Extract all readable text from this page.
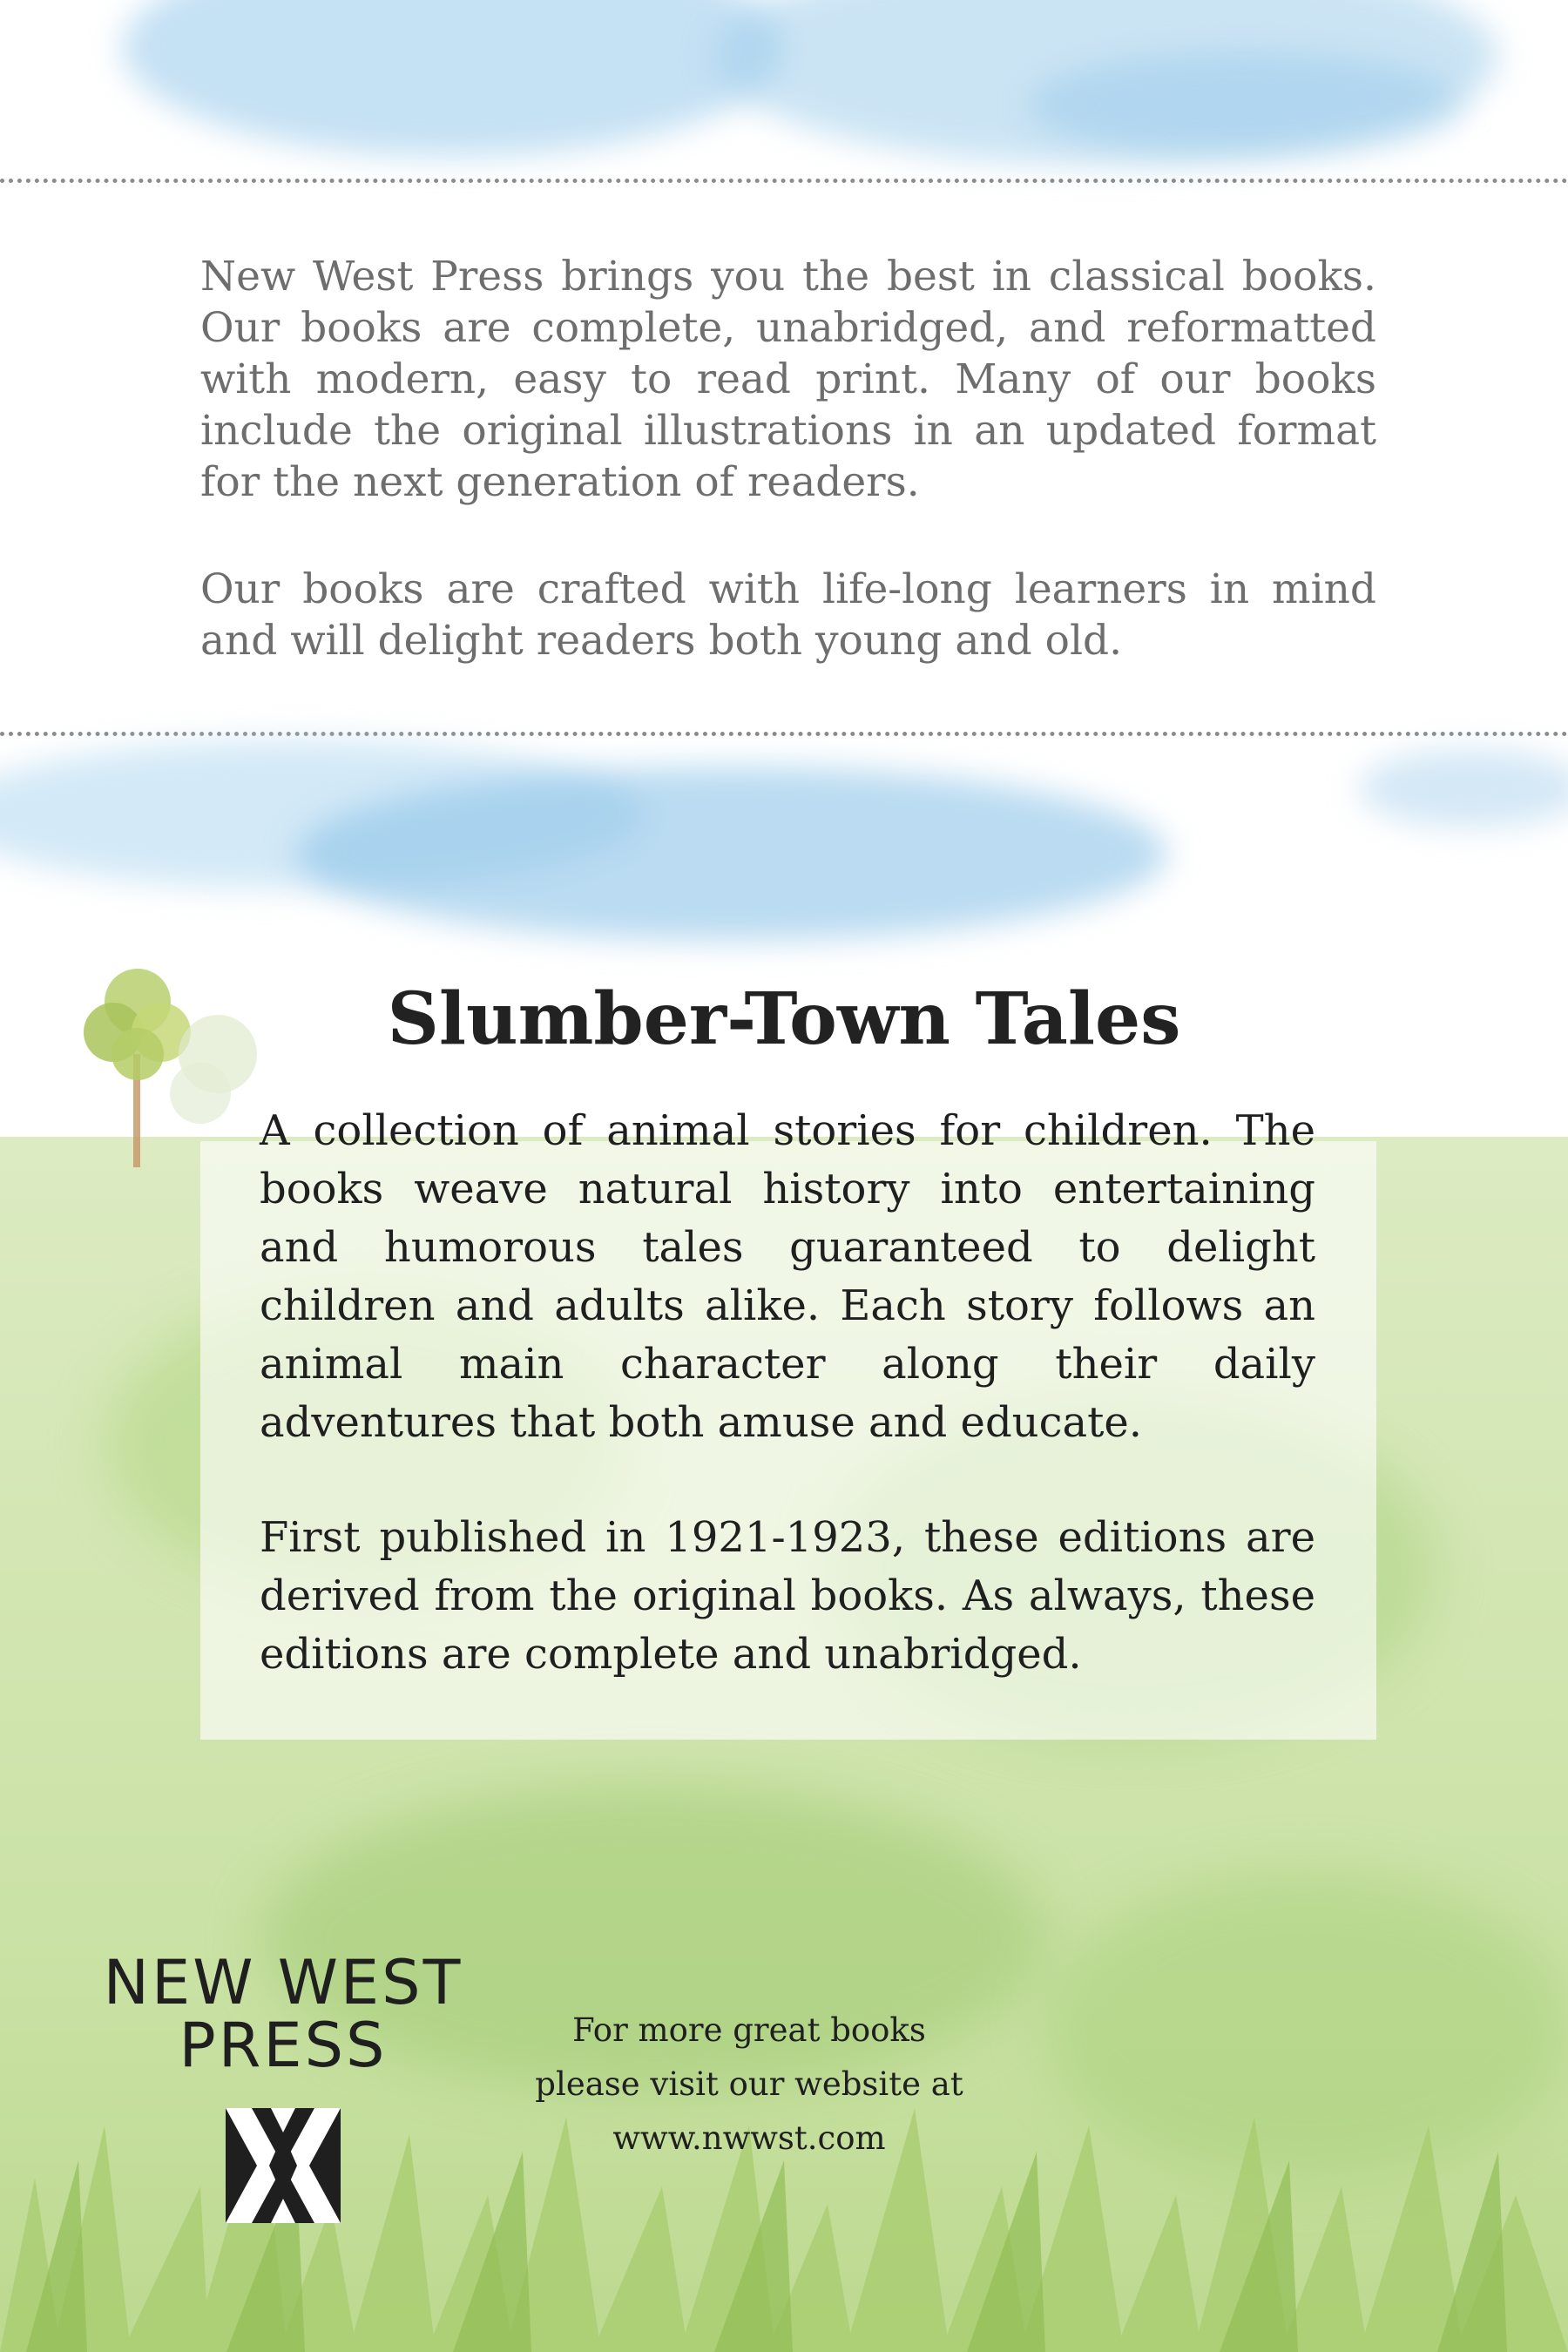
New West Press brings you the best in classical books. Our books are complete, unabridged, and reformatted with modern, easy to read print. Many of our books include the original illustrations in an updated format for the next generation of readers.

Our books are crafted with life-long learners in mind and will delight readers both young and old.

Slumber-Town Tales

A collection of animal stories for children. The books weave natural history into entertaining and humorous tales guaranteed to delight children and adults alike. Each story follows an animal main character along their daily adventures that both amuse and educate.

First published in 1921-1923, these editions are derived from the original books. As always, these editions are complete and unabridged.

NEW WEST
PRESS	For more great books
please visit our website at
www.nwwst.com
